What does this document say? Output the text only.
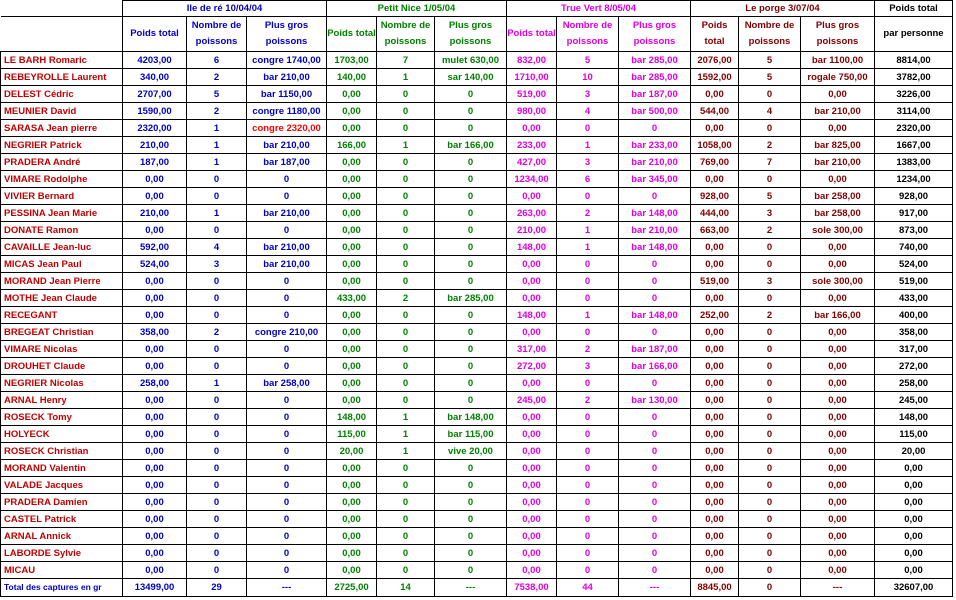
	Ile de ré 10/04/04			Petit Nice 1/05/04			True Vert 8/05/04			Le porge 3/07/04			Poids total
	Poids total	Nombre de poissons	Plus gros poissons	Poids total	Nombre de poissons	Plus gros poissons	Poids total	Nombre de poissons	Plus gros poissons	Poids total	Nombre de poissons	Plus gros poissons	par personne
LE BARH Romaric	4203,00	6	congre 1740,00	1703,00	7	mulet 630,00	832,00	5	bar 285,00	2076,00	5	bar 1100,00	8814,00
REBEYROLLE Laurent	340,00	2	bar 210,00	140,00	1	sar 140,00	1710,00	10	bar 285,00	1592,00	5	rogale 750,00	3782,00
DELEST Cédric	2707,00	5	bar 1150,00	0,00	0	0	519,00	3	bar 187,00	0,00	0	0,00	3226,00
MEUNIER David	1590,00	2	congre 1180,00	0,00	0	0	980,00	4	bar 500,00	544,00	4	bar 210,00	3114,00
SARASA Jean pierre	2320,00	1	congre 2320,00	0,00	0	0	0,00	0	0	0,00	0	0,00	2320,00
NEGRIER Patrick	210,00	1	bar 210,00	166,00	1	bar 166,00	233,00	1	bar 233,00	1058,00	2	bar 825,00	1667,00
PRADERA André	187,00	1	bar 187,00	0,00	0	0	427,00	3	bar 210,00	769,00	7	bar 210,00	1383,00
VIMARE Rodolphe	0,00	0	0	0,00	0	0	1234,00	6	bar 345,00	0,00	0	0,00	1234,00
VIVIER Bernard	0,00	0	0	0,00	0	0	0,00	0	0	928,00	5	bar 258,00	928,00
PESSINA Jean Marie	210,00	1	bar 210,00	0,00	0	0	263,00	2	bar 148,00	444,00	3	bar 258,00	917,00
DONATE Ramon	0,00	0	0	0,00	0	0	210,00	1	bar 210,00	663,00	2	sole 300,00	873,00
CAVAILLE Jean-luc	592,00	4	bar 210,00	0,00	0	0	148,00	1	bar 148,00	0,00	0	0,00	740,00
MICAS Jean Paul	524,00	3	bar 210,00	0,00	0	0	0,00	0	0	0,00	0	0,00	524,00
MORAND Jean Pierre	0,00	0	0	0,00	0	0	0,00	0	0	519,00	3	sole 300,00	519,00
MOTHE Jean Claude	0,00	0	0	433,00	2	bar 285,00	0,00	0	0	0,00	0	0,00	433,00
RECEGANT	0,00	0	0	0,00	0	0	148,00	1	bar 148,00	252,00	2	bar 166,00	400,00
BREGEAT Christian	358,00	2	congre 210,00	0,00	0	0	0,00	0	0	0,00	0	0,00	358,00
VIMARE Nicolas	0,00	0	0	0,00	0	0	317,00	2	bar 187,00	0,00	0	0,00	317,00
DROUHET Claude	0,00	0	0	0,00	0	0	272,00	3	bar 166,00	0,00	0	0,00	272,00
NEGRIER Nicolas	258,00	1	bar 258,00	0,00	0	0	0,00	0	0	0,00	0	0,00	258,00
ARNAL Henry	0,00	0	0	0,00	0	0	245,00	2	bar 130,00	0,00	0	0,00	245,00
ROSECK Tomy	0,00	0	0	148,00	1	bar 148,00	0,00	0	0	0,00	0	0,00	148,00
HOLYECK	0,00	0	0	115,00	1	bar 115,00	0,00	0	0	0,00	0	0,00	115,00
ROSECK Christian	0,00	0	0	20,00	1	vive 20,00	0,00	0	0	0,00	0	0,00	20,00
MORAND Valentin	0,00	0	0	0,00	0	0	0,00	0	0	0,00	0	0,00	0,00
VALADE Jacques	0,00	0	0	0,00	0	0	0,00	0	0	0,00	0	0,00	0,00
PRADERA Damien	0,00	0	0	0,00	0	0	0,00	0	0	0,00	0	0,00	0,00
CASTEL Patrick	0,00	0	0	0,00	0	0	0,00	0	0	0,00	0	0,00	0,00
ARNAL Annick	0,00	0	0	0,00	0	0	0,00	0	0	0,00	0	0,00	0,00
LABORDE Sylvie	0,00	0	0	0,00	0	0	0,00	0	0	0,00	0	0,00	0,00
MICAU	0,00	0	0	0,00	0	0	0,00	0	0	0,00	0	0,00	0,00
Total des captures en gr	13499,00	29	---	2725,00	14	---	7538,00	44	---	8845,00	0	---	32607,00
